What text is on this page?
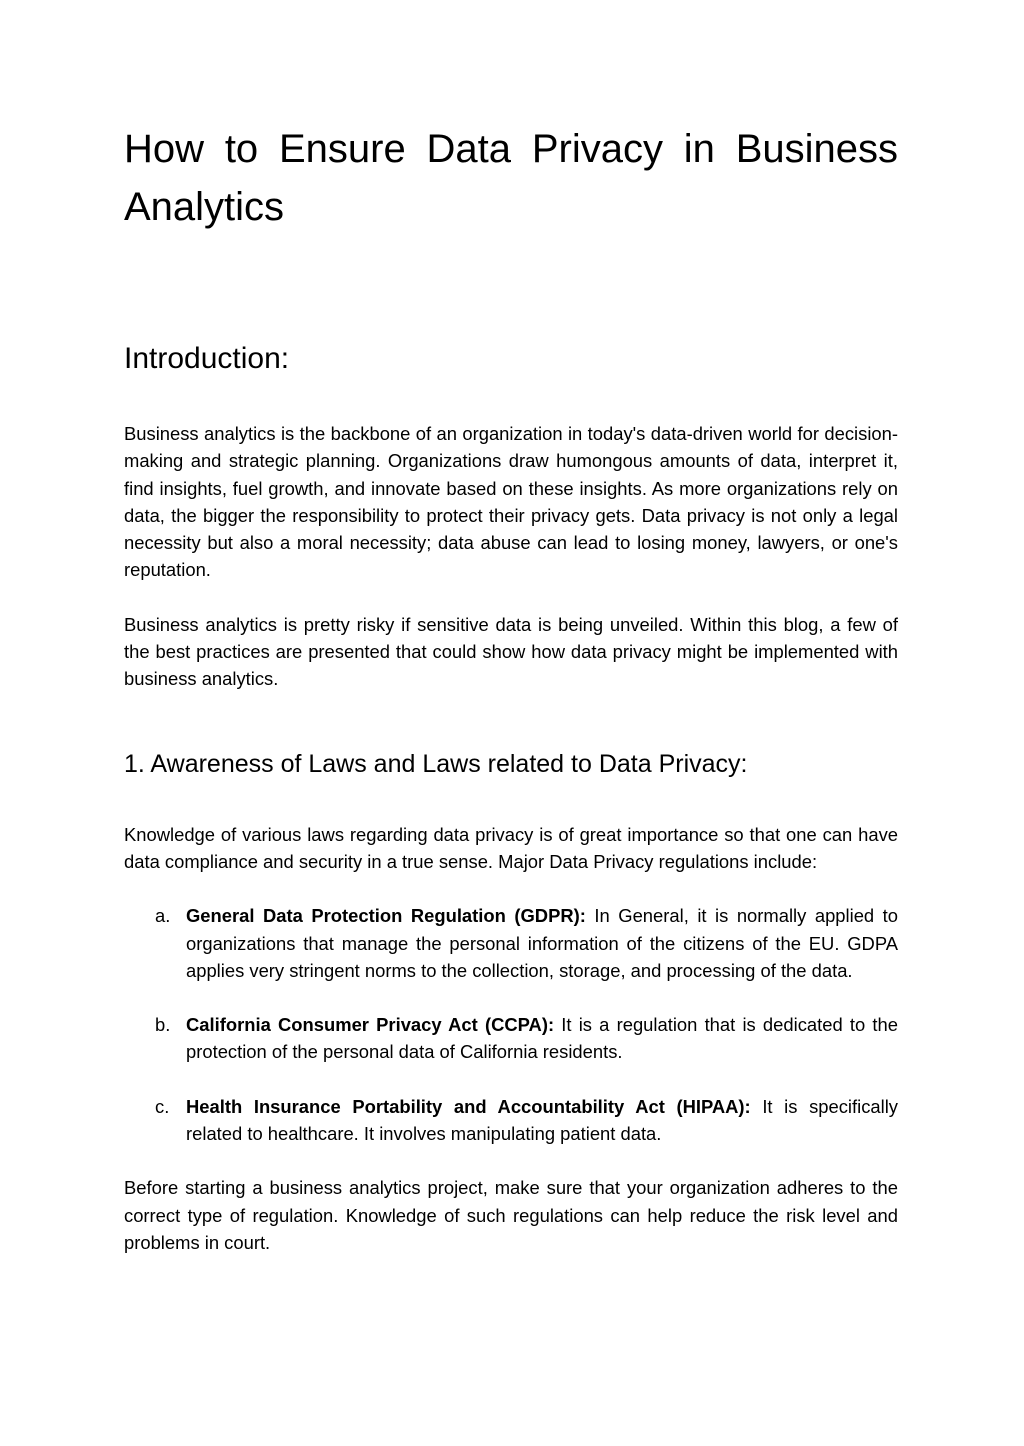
How to Ensure Data Privacy in Business Analytics
Introduction:

Business analytics is the backbone of an organization in today's data-driven world for decision-making and strategic planning. Organizations draw humongous amounts of data, interpret it, find insights, fuel growth, and innovate based on these insights. As more organizations rely on data, the bigger the responsibility to protect their privacy gets. Data privacy is not only a legal necessity but also a moral necessity; data abuse can lead to losing money, lawyers, or one's reputation.

Business analytics is pretty risky if sensitive data is being unveiled. Within this blog, a few of the best practices are presented that could show how data privacy might be implemented with business analytics.

1. Awareness of Laws and Laws related to Data Privacy:

Knowledge of various laws regarding data privacy is of great importance so that one can have data compliance and security in a true sense. Major Data Privacy regulations include:

a. General Data Protection Regulation (GDPR): In General, it is normally applied to organizations that manage the personal information of the citizens of the EU. GDPA applies very stringent norms to the collection, storage, and processing of the data.
b. California Consumer Privacy Act (CCPA): It is a regulation that is dedicated to the protection of the personal data of California residents.
c. Health Insurance Portability and Accountability Act (HIPAA): It is specifically related to healthcare. It involves manipulating patient data.

Before starting a business analytics project, make sure that your organization adheres to the correct type of regulation. Knowledge of such regulations can help reduce the risk level and problems in court.
